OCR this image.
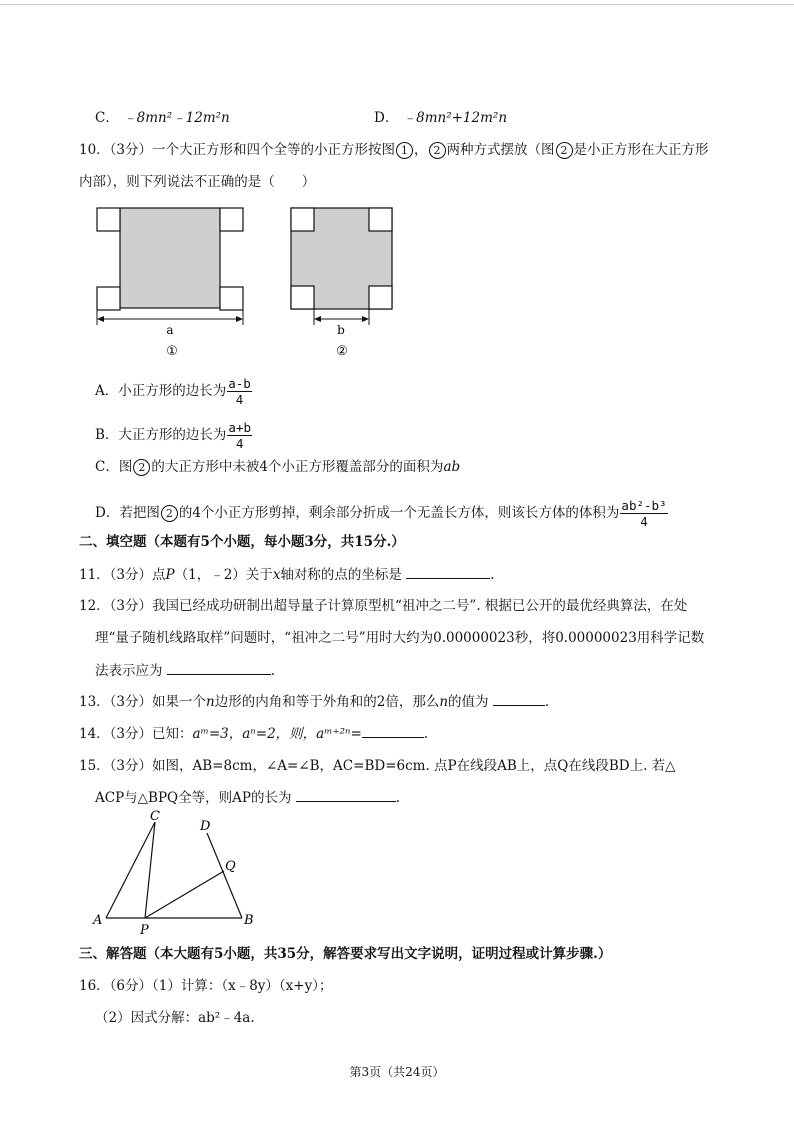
C． ﹣8mn²﹣12m²n	D． ﹣8mn²+12m²n
10．（3分）一个大正方形和四个全等的小正方形按图 1 ， 2 两种方式摆放（图 2 是小正方形在大正方形
内部），则下列说法不正确的是（　　）
a
①
b
②
A．小正方形的边长为 $\frac{a-b}{4}$
B．大正方形的边长为 $\frac{a+b}{4}$
C．图 2 的大正方形中未被4个小正方形覆盖部分的面积为ab
D．若把图 2 的4个小正方形剪掉，剩余部分折成一个无盖长方体，则该长方体的体积为 $\frac{\text{ab²-b³}}{4}$
二、填空题（本题有5个小题，每小题3分，共15分.）
11．（3分）点P（1，﹣2）关于x轴对称的点的坐标是	.
12．（3分）我国已经成功研制出超导量子计算原型机“祖冲之二号”. 根据已公开的最优经典算法，在处
理“量子随机线路取样”问题时，“祖冲之二号”用时大约为0.00000023秒，将0.00000023用科学记数
法表示应为	.
13．（3分）如果一个n边形的内角和等于外角和的2倍，那么n的值为	.
14．（3分）已知：aᵐ=3，aⁿ=2，则，aᵐ⁺²ⁿ=	.
15．（3分）如图，AB=8cm，∠A=∠B，AC=BD=6cm. 点P在线段AB上，点Q在线段BD上. 若△
ACP与△BPQ全等，则AP的长为	.
A	B
C
D
P
Q
三、解答题（本大题有5小题，共35分，解答要求写出文字说明，证明过程或计算步骤.）
16．（6分）（1）计算：（x﹣8y）（x+y）；
（2）因式分解：ab²﹣4a.
第3页（共24页）
